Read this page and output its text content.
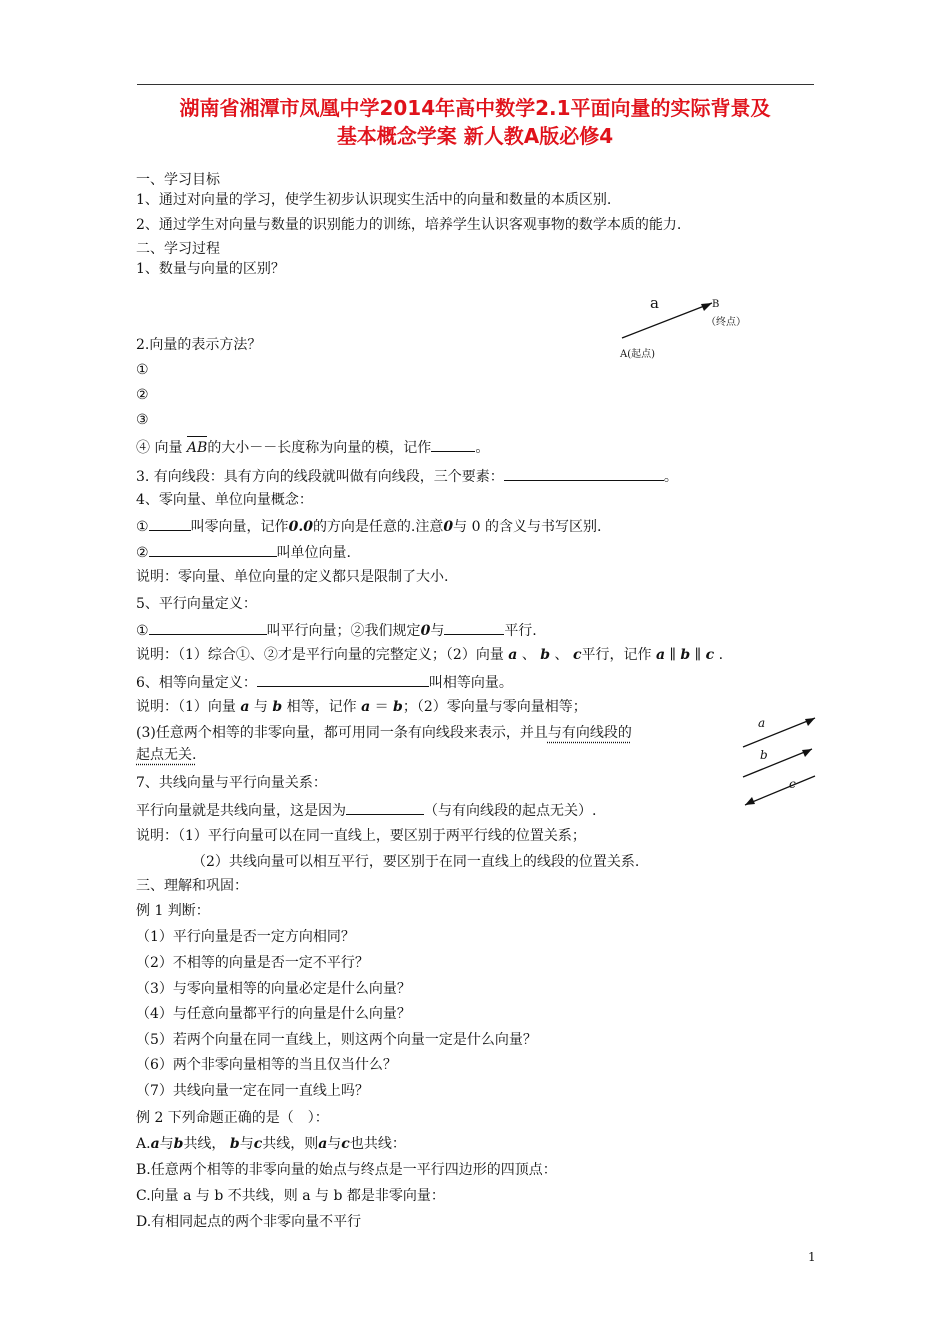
湖南省湘潭市凤凰中学2014年高中数学2.1平面向量的实际背景及
基本概念学案 新人教A版必修4
一、学习目标
1、通过对向量的学习，使学生初步认识现实生活中的向量和数量的本质区别.
2、通过学生对向量与数量的识别能力的训练，培养学生认识客观事物的数学本质的能力.
二、学习过程
1、数量与向量的区别？
a	B
（终点）
A(起点)
2.向量的表示方法？
①
②
③
④ 向量 AB的大小－－长度称为向量的模，记作	。
3. 有向线段：具有方向的线段就叫做有向线段，三个要素：	。
4、零向量、单位向量概念：
①	叫零向量，记作0.0的方向是任意的.注意0与 0 的含义与书写区别.
②	叫单位向量.
说明：零向量、单位向量的定义都只是限制了大小.
5、平行向量定义：
①	叫平行向量；②我们规定0与	平行.
说明：（1）综合①、②才是平行向量的完整定义；（2）向量 a 、 b 、 c平行，记作 a ∥ b ∥ c .
6、相等向量定义：	叫相等向量。
说明：（1）向量 a 与 b 相等，记作 a ＝ b；（2）零向量与零向量相等；
(3)任意两个相等的非零向量，都可用同一条有向线段来表示，并且与有向线段的
起点无关.
a
b
c
7、共线向量与平行向量关系：
平行向量就是共线向量，这是因为	（与有向线段的起点无关）.
说明：（1）平行向量可以在同一直线上，要区别于两平行线的位置关系；
（2）共线向量可以相互平行，要区别于在同一直线上的线段的位置关系.
三、理解和巩固：
例 1 判断：
（1）平行向量是否一定方向相同？
（2）不相等的向量是否一定不平行？
（3）与零向量相等的向量必定是什么向量？
（4）与任意向量都平行的向量是什么向量？
（5）若两个向量在同一直线上，则这两个向量一定是什么向量？
（6）两个非零向量相等的当且仅当什么？
（7）共线向量一定在同一直线上吗？
例 2 下列命题正确的是（　）：
A.a与b共线， b与c共线，则a与c也共线：
B.任意两个相等的非零向量的始点与终点是一平行四边形的四顶点：
C.向量 a 与 b 不共线，则 a 与 b 都是非零向量：
D.有相同起点的两个非零向量不平行
1
